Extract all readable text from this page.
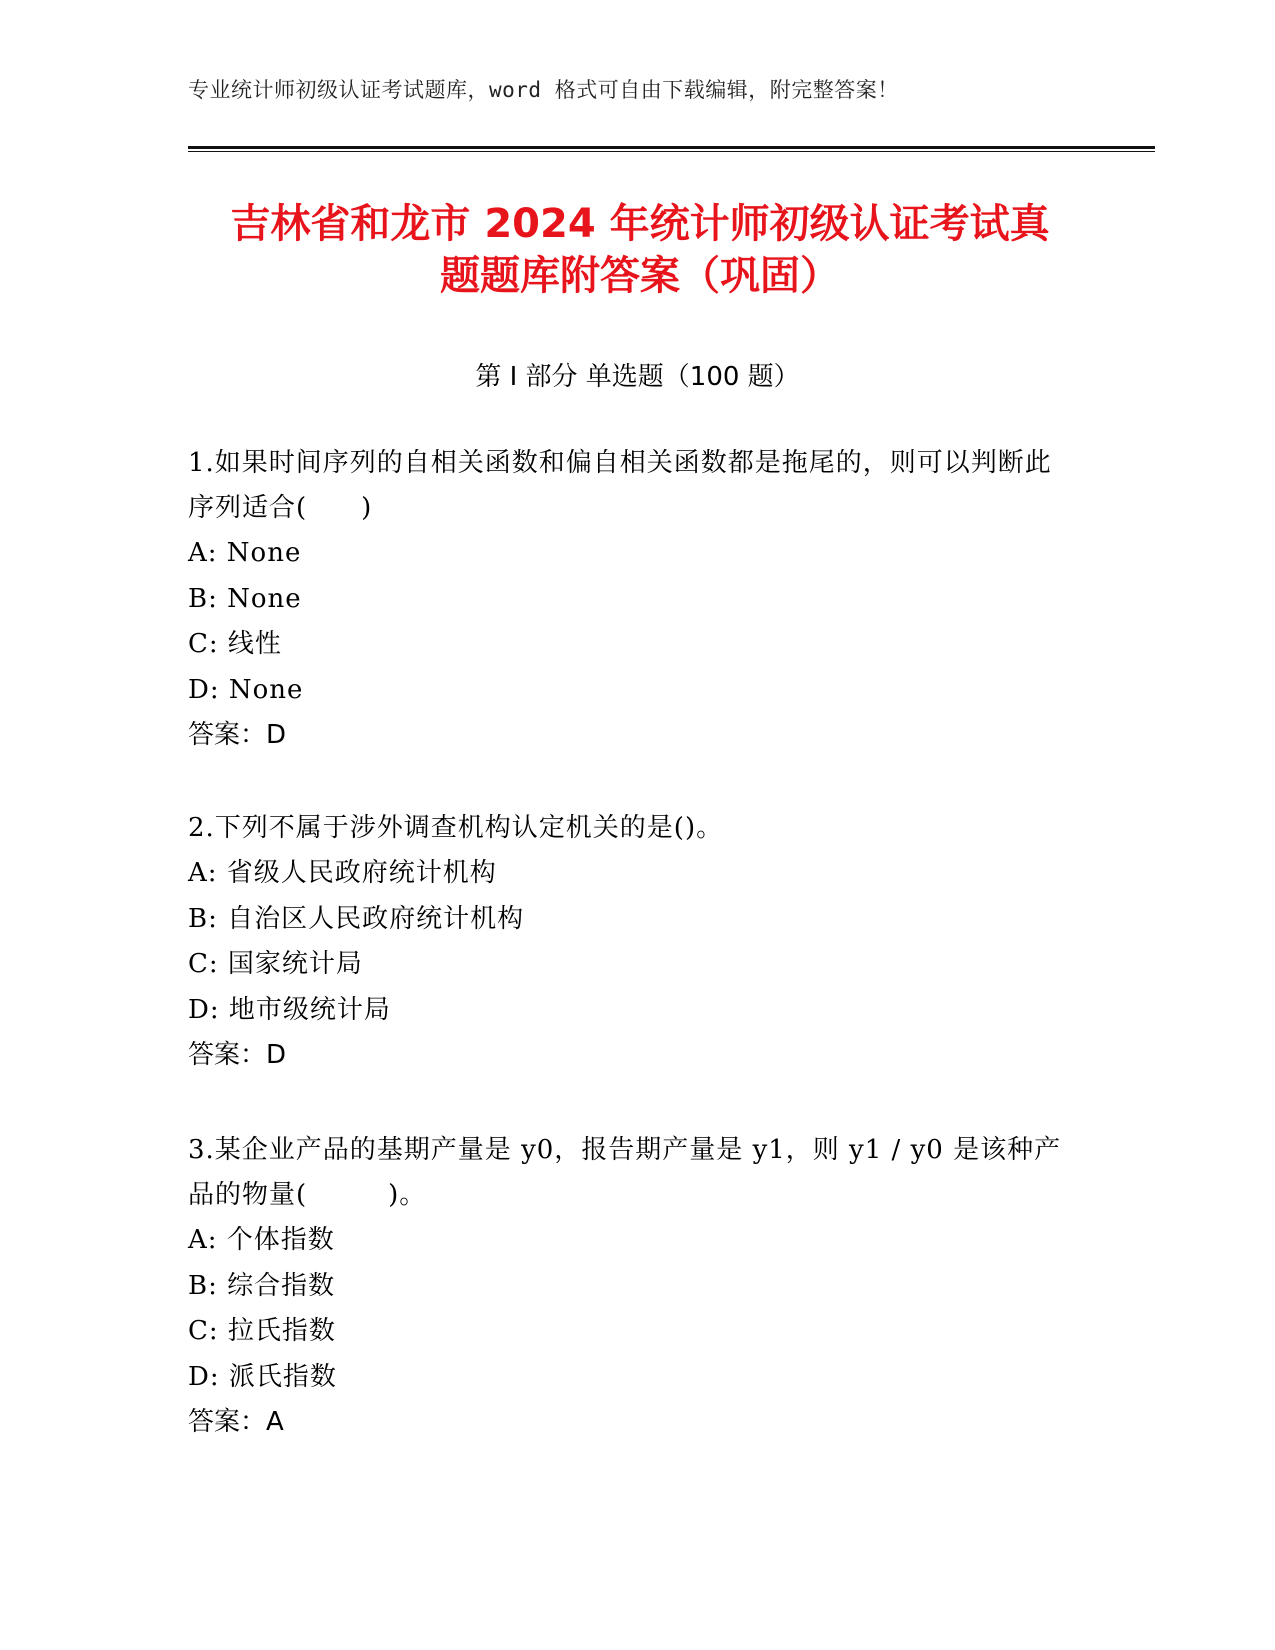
专业统计师初级认证考试题库，word 格式可自由下载编辑，附完整答案！
吉林省和龙市 2024 年统计师初级认证考试真
题题库附答案（巩固）
第 I 部分 单选题（100 题）
1.如果时间序列的自相关函数和偏自相关函数都是拖尾的，则可以判断此序列适合(　　)
A: None
B: None
C: 线性
D: None
答案：D
2.下列不属于涉外调查机构认定机关的是()。
A: 省级人民政府统计机构
B: 自治区人民政府统计机构
C: 国家统计局
D: 地市级统计局
答案：D
3.某企业产品的基期产量是 y0，报告期产量是 y1，则 y1 / y0 是该种产品的物量(　　　)。
A: 个体指数
B: 综合指数
C: 拉氏指数
D: 派氏指数
答案：A
